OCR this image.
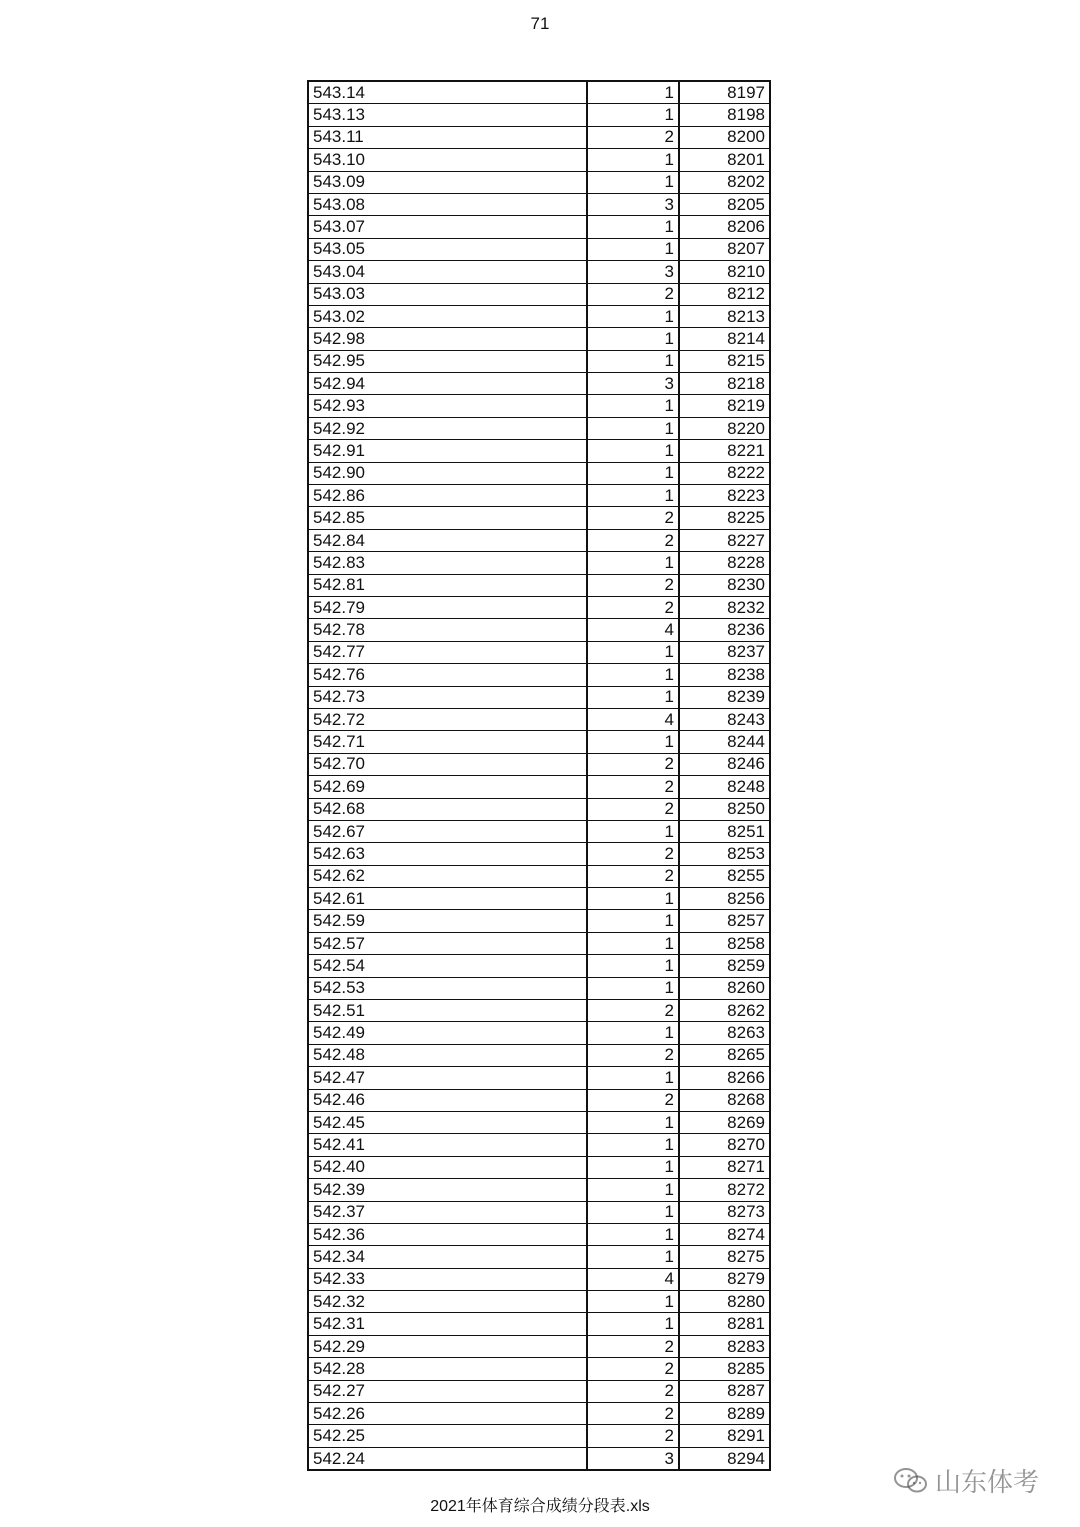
71
543.14	1	8197
543.13	1	8198
543.11	2	8200
543.10	1	8201
543.09	1	8202
543.08	3	8205
543.07	1	8206
543.05	1	8207
543.04	3	8210
543.03	2	8212
543.02	1	8213
542.98	1	8214
542.95	1	8215
542.94	3	8218
542.93	1	8219
542.92	1	8220
542.91	1	8221
542.90	1	8222
542.86	1	8223
542.85	2	8225
542.84	2	8227
542.83	1	8228
542.81	2	8230
542.79	2	8232
542.78	4	8236
542.77	1	8237
542.76	1	8238
542.73	1	8239
542.72	4	8243
542.71	1	8244
542.70	2	8246
542.69	2	8248
542.68	2	8250
542.67	1	8251
542.63	2	8253
542.62	2	8255
542.61	1	8256
542.59	1	8257
542.57	1	8258
542.54	1	8259
542.53	1	8260
542.51	2	8262
542.49	1	8263
542.48	2	8265
542.47	1	8266
542.46	2	8268
542.45	1	8269
542.41	1	8270
542.40	1	8271
542.39	1	8272
542.37	1	8273
542.36	1	8274
542.34	1	8275
542.33	4	8279
542.32	1	8280
542.31	1	8281
542.29	2	8283
542.28	2	8285
542.27	2	8287
542.26	2	8289
542.25	2	8291
542.24	3	8294
2021年体育综合成绩分段表.xls
山东体考
